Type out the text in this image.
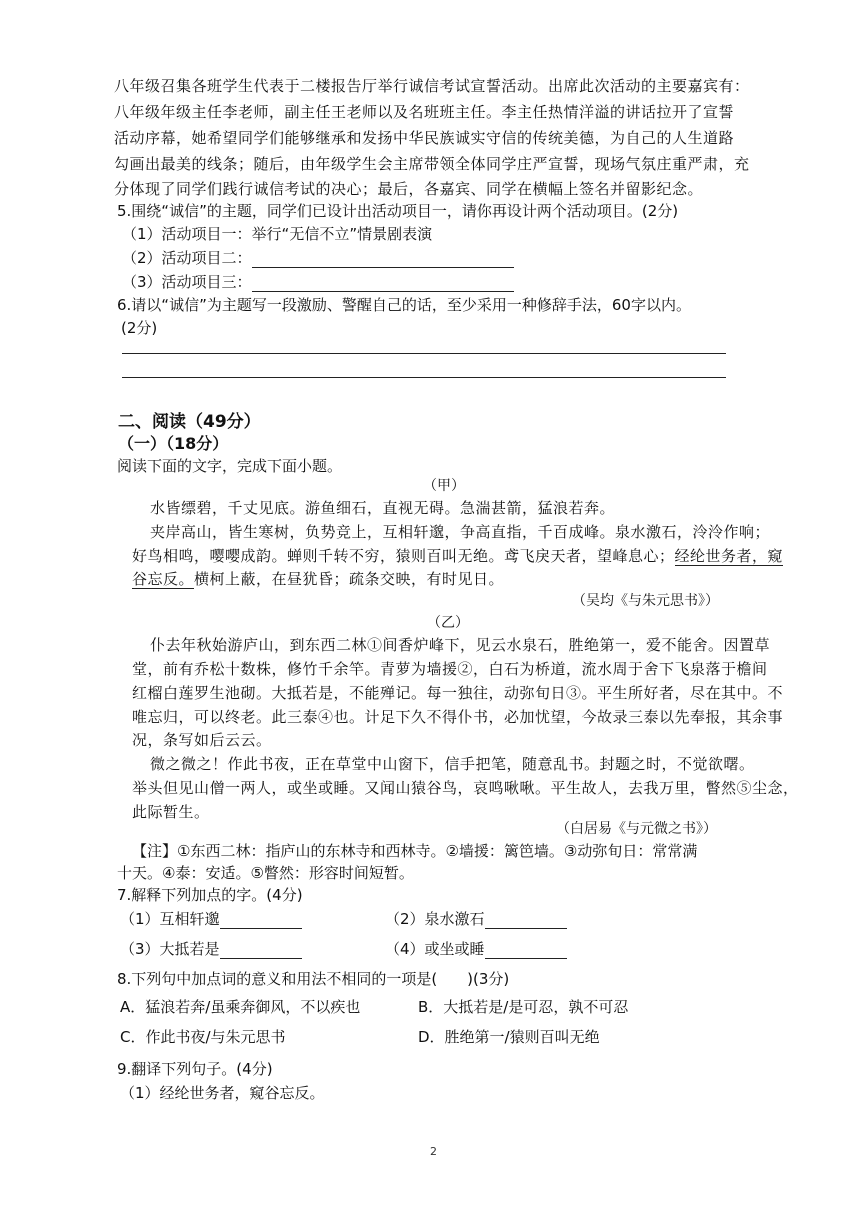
八年级召集各班学生代表于二楼报告厅举行诚信考试宣誓活动。出席此次活动的主要嘉宾有：
八年级年级主任李老师，副主任王老师以及名班班主任。李主任热情洋溢的讲话拉开了宣誓
活动序幕，她希望同学们能够继承和发扬中华民族诚实守信的传统美德，为自己的人生道路
勾画出最美的线条；随后，由年级学生会主席带领全体同学庄严宣誓，现场气氛庄重严肃，充
分体现了同学们践行诚信考试的决心；最后，各嘉宾、同学在横幅上签名并留影纪念。
5.围绕“诚信”的主题，同学们已设计出活动项目一，请你再设计两个活动项目。(2分)
（1）活动项目一：举行“无信不立”情景剧表演
（2）活动项目二：
（3）活动项目三：
6.请以“诚信”为主题写一段激励、警醒自己的话，至少采用一种修辞手法，60字以内。
(2分)
二、阅读（49分）
（一）（18分）
阅读下面的文字，完成下面小题。
（甲）
水皆缥碧，千丈见底。游鱼细石，直视无碍。急湍甚箭，猛浪若奔。
夹岸高山，皆生寒树，负势竞上，互相轩邈，争高直指，千百成峰。泉水激石，泠泠作响；
好鸟相鸣，嘤嘤成韵。蝉则千转不穷，猿则百叫无绝。鸢飞戾天者，望峰息心；经纶世务者，窥
谷忘反。横柯上蔽，在昼犹昏；疏条交映，有时见日。
（吴均《与朱元思书》）
（乙）
仆去年秋始游庐山，到东西二林①间香炉峰下，见云水泉石，胜绝第一，爱不能舍。因置草
堂，前有乔松十数株，修竹千余竿。青萝为墙援②，白石为桥道，流水周于舍下飞泉落于檐间
红榴白莲罗生池砌。大抵若是，不能殚记。每一独往，动弥旬日③。平生所好者，尽在其中。不
唯忘归，可以终老。此三泰④也。计足下久不得仆书，必加忧望，今故录三泰以先奉报，其余事
况，条写如后云云。
微之微之！作此书夜，正在草堂中山窗下，信手把笔，随意乱书。封题之时，不觉欲曙。
举头但见山僧一两人，或坐或睡。又闻山猿谷鸟，哀鸣啾啾。平生故人，去我万里，瞥然⑤尘念，
此际暂生。
（白居易《与元微之书》）
【注】①东西二林：指庐山的东林寺和西林寺。②墙援：篱笆墙。③动弥旬日：常常满
十天。④泰：安适。⑤瞥然：形容时间短暂。
7.解释下列加点的字。(4分)
（1）互相轩邈	（2）泉水激石
（3）大抵若是	（4）或坐或睡
8.下列句中加点词的意义和用法不相同的一项是(　　)(3分)
A．猛浪若奔/虽乘奔御风，不以疾也	B．大抵若是/是可忍，孰不可忍
C．作此书夜/与朱元思书	D．胜绝第一/猿则百叫无绝
9.翻译下列句子。(4分)
（1）经纶世务者，窥谷忘反。
2
